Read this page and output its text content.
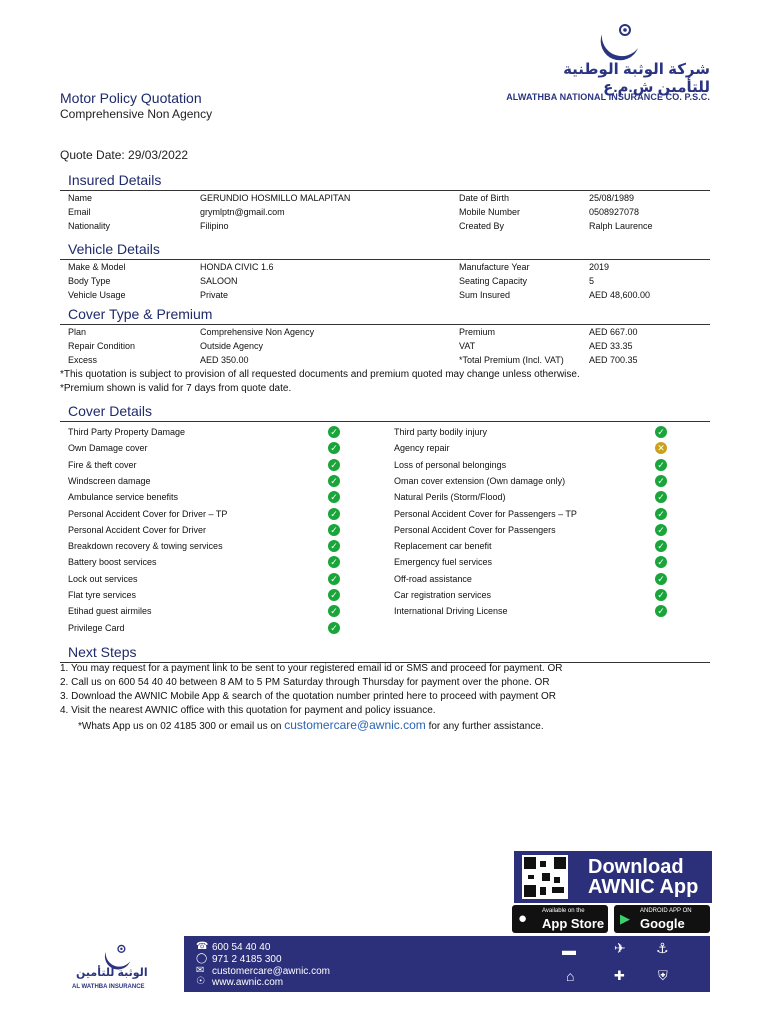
شركة الوثبة الوطنية للتأمين ش.م.ع
ALWATHBA NATIONAL INSURANCE CO. P.S.C.
Motor Policy Quotation
Comprehensive Non Agency
Quote Date: 29/03/2022
Insured Details
Name	GERUNDIO HOSMILLO MALAPITAN	Date of Birth	25/08/1989
Email	grymlptn@gmail.com	Mobile Number	0508927078
Nationality	Filipino	Created By	Ralph Laurence
Vehicle Details
Make & Model	HONDA CIVIC 1.6	Manufacture Year	2019
Body Type	SALOON	Seating Capacity	5
Vehicle Usage	Private	Sum Insured	AED 48,600.00
Cover Type & Premium
Plan	Comprehensive Non Agency	Premium	AED 667.00
Repair Condition	Outside Agency	VAT	AED 33.35
Excess	AED 350.00	*Total Premium (Incl. VAT)	AED 700.35
*This quotation is subject to provision of all requested documents and premium quoted may change unless otherwise.
*Premium shown is valid for 7 days from quote date.
Cover Details
Third Party Property Damage	✓
Own Damage cover	✓
Fire & theft cover	✓
Windscreen damage	✓
Ambulance service benefits	✓
Personal Accident Cover for Driver – TP	✓
Personal Accident Cover for Driver	✓
Breakdown recovery & towing services	✓
Battery boost services	✓
Lock out services	✓
Flat tyre services	✓
Etihad guest airmiles	✓
Privilege Card	✓
Third party bodily injury	✓
Agency repair	✕
Loss of personal belongings	✓
Oman cover extension (Own damage only)	✓
Natural Perils (Storm/Flood)	✓
Personal Accident Cover for Passengers – TP	✓
Personal Accident Cover for Passengers	✓
Replacement car benefit	✓
Emergency fuel services	✓
Off-road assistance	✓
Car registration services	✓
International Driving License	✓
Next Steps
1. You may request for a payment link to be sent to your registered email id or SMS and proceed for payment. OR
2. Call us on 600 54 40 40 between 8 AM to 5 PM Saturday through Thursday for payment over the phone. OR
3. Download the AWNIC Mobile App & search of the quotation number printed here to proceed with payment OR
4. Visit the nearest AWNIC office with this quotation for payment and policy issuance.
*Whats App us on 02 4185 300 or email us on customercare@awnic.com for any further assistance.
Download
AWNIC App
● Available on the
App Store ▶ ANDROID APP ON
Google
الوثبة للتأمين
AL WATHBA INSURANCE
☎ 600 54 40 40
◯ 971 2 4185 300
✉ customercare@awnic.com
☉ www.awnic.com
▬	✈ ⚓
⌂	✚	⛨
